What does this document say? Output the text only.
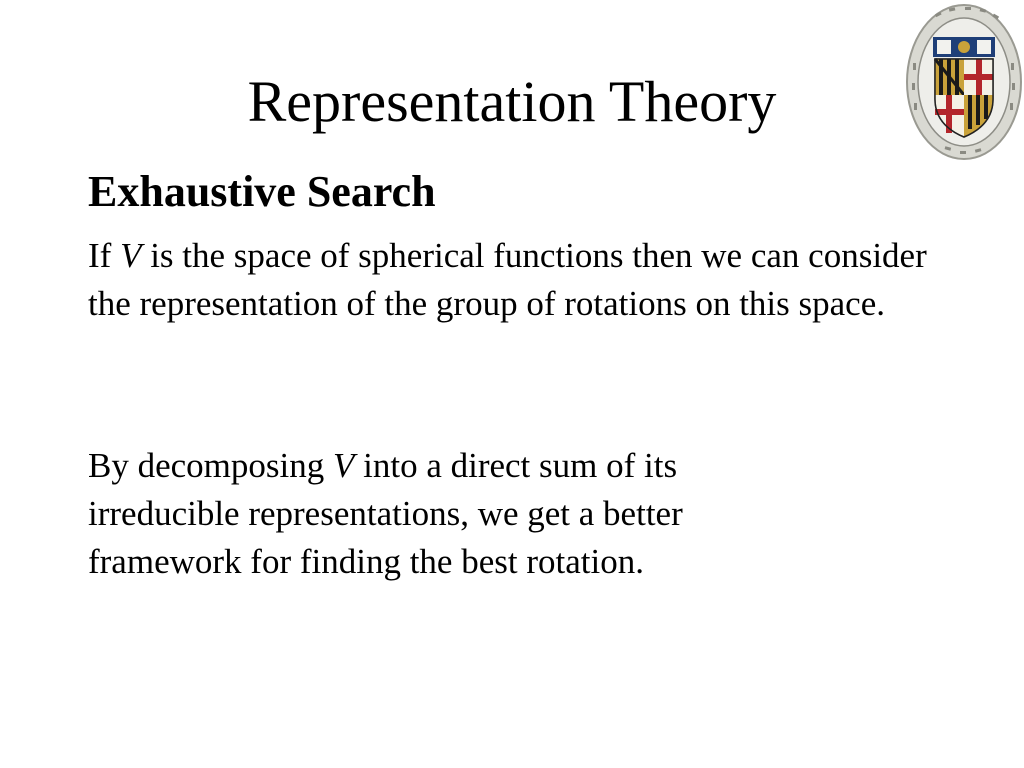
Representation Theory
Exhaustive Search

If V is the space of spherical functions then we can consider the representation of the group of rotations on this space.

By decomposing V into a direct sum of its irreducible representations, we get a better framework for finding the best rotation.
